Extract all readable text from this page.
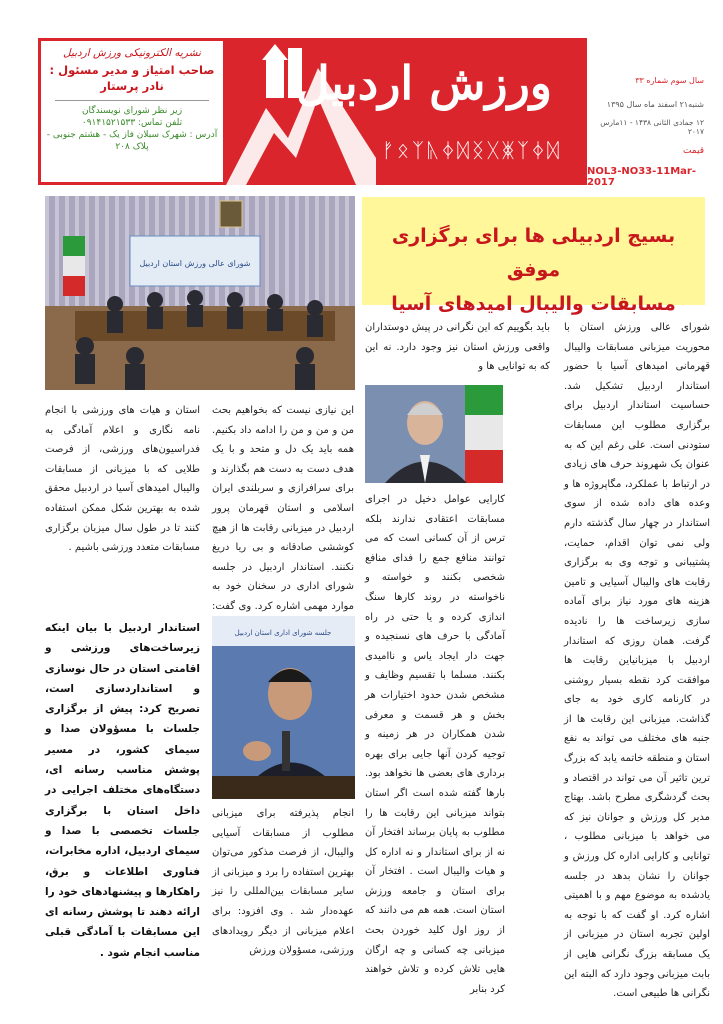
نشریه الکترونیکی ورزش اردبیل
صاحب امتیاز و مدیر مسئول :
نادر پرستار
زیر نظر شورای نویسندگان
تلفن تماس: ۰۹۱۴۱۵۲۱۵۳۳
آدرس : شهرک سبلان فاز یک - هشتم جنوبی -
پلاک ۲۰۸
ورزش اردبیل
ᚠᛟᛉᚣᛄᛞᛝᚷᛤᛉᛄᛞ
سال سوم شماره ۳۳
شنبه۲۱ اسفند ماه سال ۱۳۹۵
۱۲ جمادی الثانی ۱۴۳۸ - ۱۱مارس ۲۰۱۷
قیمت
NOL3-NO33-11Mar-2017
شورای عالی ورزش استان اردبیل
بسیج اردبیلی ها برای برگزاری موفق
مسابقات والیبال امیدهای آسیا

شورای عالی ورزش استان با محوریت میزبانی مسابقات والیبال قهرمانی امیدهای آسیا با حضور استاندار اردبیل تشکیل شد. حساسیت استاندار اردبیل برای برگزاری مطلوب این مسابقات ستودنی است. علی رغم این که به عنوان یک شهروند حرف های زیادی در ارتباط با عملکرد، مگاپروژه ها و وعده های داده شده از سوی استاندار در چهار سال گذشته دارم ولی نمی توان اقدام، حمایت، پشتیبانی و توجه وی به برگزاری رقابت های والیبال آسیایی و تامین هزینه های مورد نیاز برای آماده سازی زیرساخت ها را نادیده گرفت. همان روزی که استاندار اردبیل با میزبانیاین رقابت ها موافقت کرد نقطه بسیار روشنی در کارنامه کاری خود به جای گذاشت. میزبانی این رقابت ها از جنبه های مختلف می تواند به نفع استان و منطقه خاتمه یابد که بزرگ ترین تاثیر آن می تواند در اقتصاد و بحث گردشگری مطرح باشد. بهتاج مدیر کل ورزش و جوانان نیز که می خواهد با میزبانی مطلوب ، توانایی و کارایی اداره کل ورزش و جوانان را نشان بدهد در جلسه یادشده به موضوع مهم و با اهمیتی اشاره کرد. او گفت که با توجه به اولین تجربه استان در میزبانی از یک مسابقه بزرگ نگرانی هایی از بابت میزبانی وجود دارد که البته این نگرانی ها طبیعی است.

باید بگوییم که این نگرانی در پیش دوستداران واقعی ورزش استان نیز وجود دارد. نه این که به توانایی ها و

کارایی عوامل دخیل در اجرای مسابقات اعتقادی ندارند بلکه ترس از آن کسانی است که می توانند منافع جمع را فدای منافع شخصی بکنند و خواسته و ناخواسته در روند کارها سنگ اندازی کرده و یا حتی در راه آمادگی با حرف های نسنجیده و جهت دار ایجاد یاس و ناامیدی بکنند. مسلما با تقسیم وظایف و مشخص شدن حدود اختیارات هر بخش و هر قسمت و معرفی شدن همکاران در هر زمینه و توجیه کردن آنها جایی برای بهره برداری های بعضی ها نخواهد بود. بارها گفته شده است اگر استان بتواند میزبانی این رقابت ها را مطلوب به پایان برساند افتخار آن نه از برای استاندار و نه اداره کل و هیات والیبال است . افتخار آن برای استان و جامعه ورزش استان است. همه هم می دانند که از روز اول کلید خوردن بحث میزبانی چه کسانی و چه ارگان هایی تلاش کرده و تلاش خواهند کرد بنابر

این نیازی نیست که بخواهیم بحث من و من و من را ادامه داد بکنیم. همه باید یک دل و متحد و با یک هدف دست به دست هم بگذارند و برای سرافرازی و سربلندی ایران اسلامی و استان قهرمان پرور اردبیل در میزبانی رقابت ها از هیچ کوششی صادقانه و بی ریا دریغ نکنند. استاندار اردبیل در جلسه شورای اداری در سخنان خود به موارد مهمی اشاره کرد. وی گفت:

جلسه شورای اداری استان اردبیل

انجام پذیرفته برای میزبانی مطلوب از مسابقات آسیایی والیبال، از فرصت مذکور می‌توان بهترین استفاده را برد و میزبانی از سایر مسابقات بین‌المللی را نیز عهده‌دار شد . وی افزود: برای اعلام میزبانی از دیگر رویدادهای ورزشی، مسؤولان ورزش

استان و هیات های ورزشی با انجام نامه نگاری و اعلام آمادگی به فدراسیون‌های ورزشی، از فرصت طلایی که با میزبانی از مسابقات والیبال امیدهای آسیا در اردبیل محقق شده به بهترین شکل ممکن استفاده کنند تا در طول سال میزبان برگزاری مسابقات متعدد ورزشی باشیم .

استاندار اردبیل با بیان اینکه زیرساخت‌های ورزشی و اقامتی استان در حال نوسازی و استانداردسازی است، تصریح کرد: پیش از برگزاری جلسات با مسؤولان صدا و سیمای کشور، در مسیر پوشش مناسب رسانه ای، دستگاه‌های مختلف اجرایی در داخل استان با برگزاری جلسات تخصصی با صدا و سیمای اردبیل، اداره مخابرات، فناوری اطلاعات و برق، راهکارها و پیشنهادهای خود را ارائه دهند تا پوشش رسانه ای این مسابقات با آمادگی قبلی مناسب انجام شود .
